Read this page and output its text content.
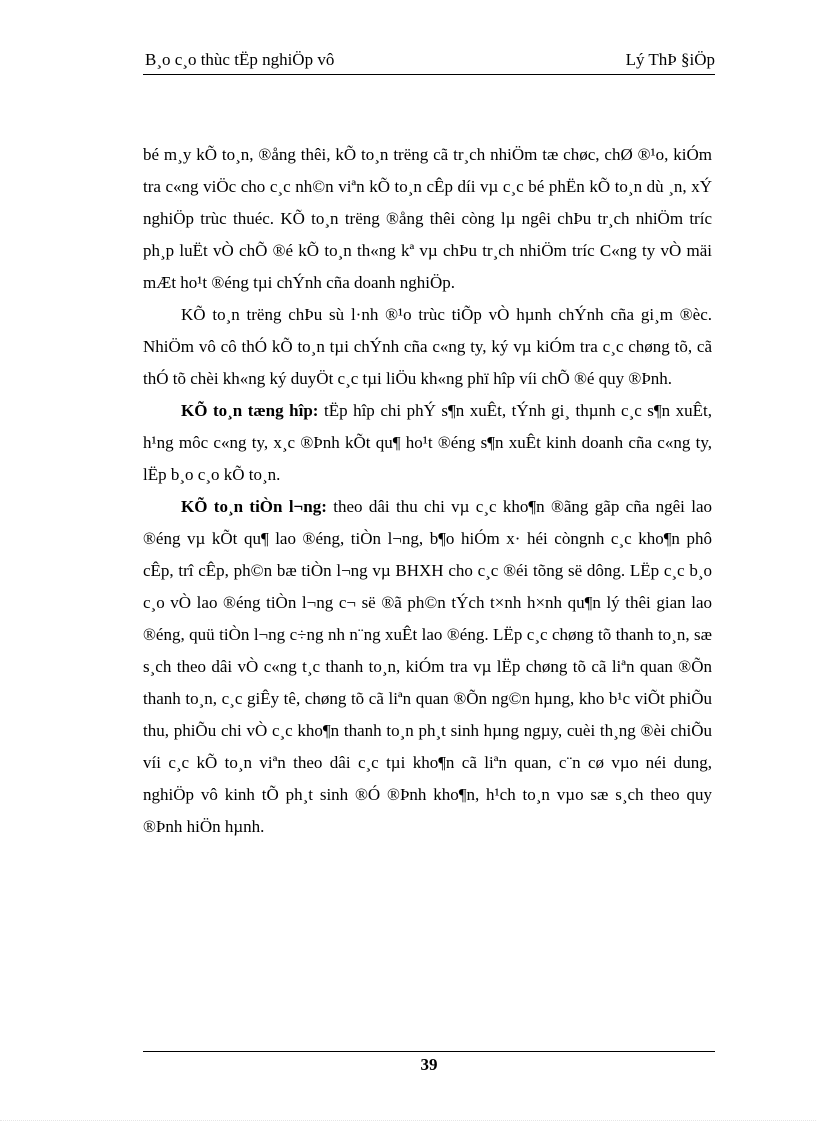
B¸o c¸o thùc tËp nghiÖp vô	Lý ThÞ §iÖp

bé m¸y kÕ to¸n, ®ång thêi, kÕ to¸n trëng cã tr¸ch nhiÖm tæ chøc, chØ ®¹o, kiÓm tra c«ng viÖc cho c¸c nh©n viªn kÕ to¸n cÊp díi vµ c¸c bé phËn kÕ to¸n dù ¸n, xÝ nghiÖp trùc thuéc. KÕ to¸n trëng ®ång thêi còng lµ ngêi chÞu tr¸ch nhiÖm tríc ph¸p luËt vÒ chÕ ®é kÕ to¸n th«ng kª vµ chÞu tr¸ch nhiÖm tríc C«ng ty vÒ mäi mÆt ho¹t ®éng tµi chÝnh cña doanh nghiÖp.

KÕ to¸n trëng chÞu sù l·nh ®¹o trùc tiÕp vÒ hµnh chÝnh cña gi¸m ®èc. NhiÖm vô cô thÓ kÕ to¸n tµi chÝnh cña c«ng ty, ký vµ kiÓm tra c¸c chøng tõ, cã thÓ tõ chèi kh«ng ký duyÖt c¸c tµi liÖu kh«ng phï hîp víi chÕ ®é quy ®Þnh.

KÕ to¸n tæng hîp: tËp hîp chi phÝ s¶n xuÊt, tÝnh gi¸ thµnh c¸c s¶n xuÊt, h¹ng môc c«ng ty, x¸c ®Þnh kÕt qu¶ ho¹t ®éng s¶n xuÊt kinh doanh cña c«ng ty, lËp b¸o c¸o kÕ to¸n.

KÕ to¸n tiÒn l¬ng: theo dâi thu chi vµ c¸c kho¶n ®ãng gãp cña ngêi lao ®éng vµ kÕt qu¶ lao ®éng, tiÒn l¬ng, b¶o hiÓm x· héi còngnh c¸c kho¶n phô cÊp, trî cÊp, ph©n bæ tiÒn l¬ng vµ BHXH cho c¸c ®éi tõng së dông. LËp c¸c b¸o c¸o vÒ lao ®éng tiÒn l¬ng c¬ së ®ã ph©n tÝch t×nh h×nh qu¶n lý thêi gian lao ®éng, quü tiÒn l¬ng c÷ng nh n¨ng xuÊt lao ®éng. LËp c¸c chøng tõ thanh to¸n, sæ s¸ch theo dâi vÒ c«ng t¸c thanh to¸n, kiÓm tra vµ lËp chøng tõ cã liªn quan ®Õn thanh to¸n, c¸c giÊy tê, chøng tõ cã liªn quan ®Õn ng©n hµng, kho b¹c viÕt phiÕu thu, phiÕu chi vÒ c¸c kho¶n thanh to¸n ph¸t sinh hµng ngµy, cuèi th¸ng ®èi chiÕu víi c¸c kÕ to¸n viªn theo dâi c¸c tµi kho¶n cã liªn quan, c¨n cø vµo néi dung, nghiÖp vô kinh tÕ ph¸t sinh ®Ó ®Þnh kho¶n, h¹ch to¸n vµo sæ s¸ch theo quy ®Þnh hiÖn hµnh.

39
